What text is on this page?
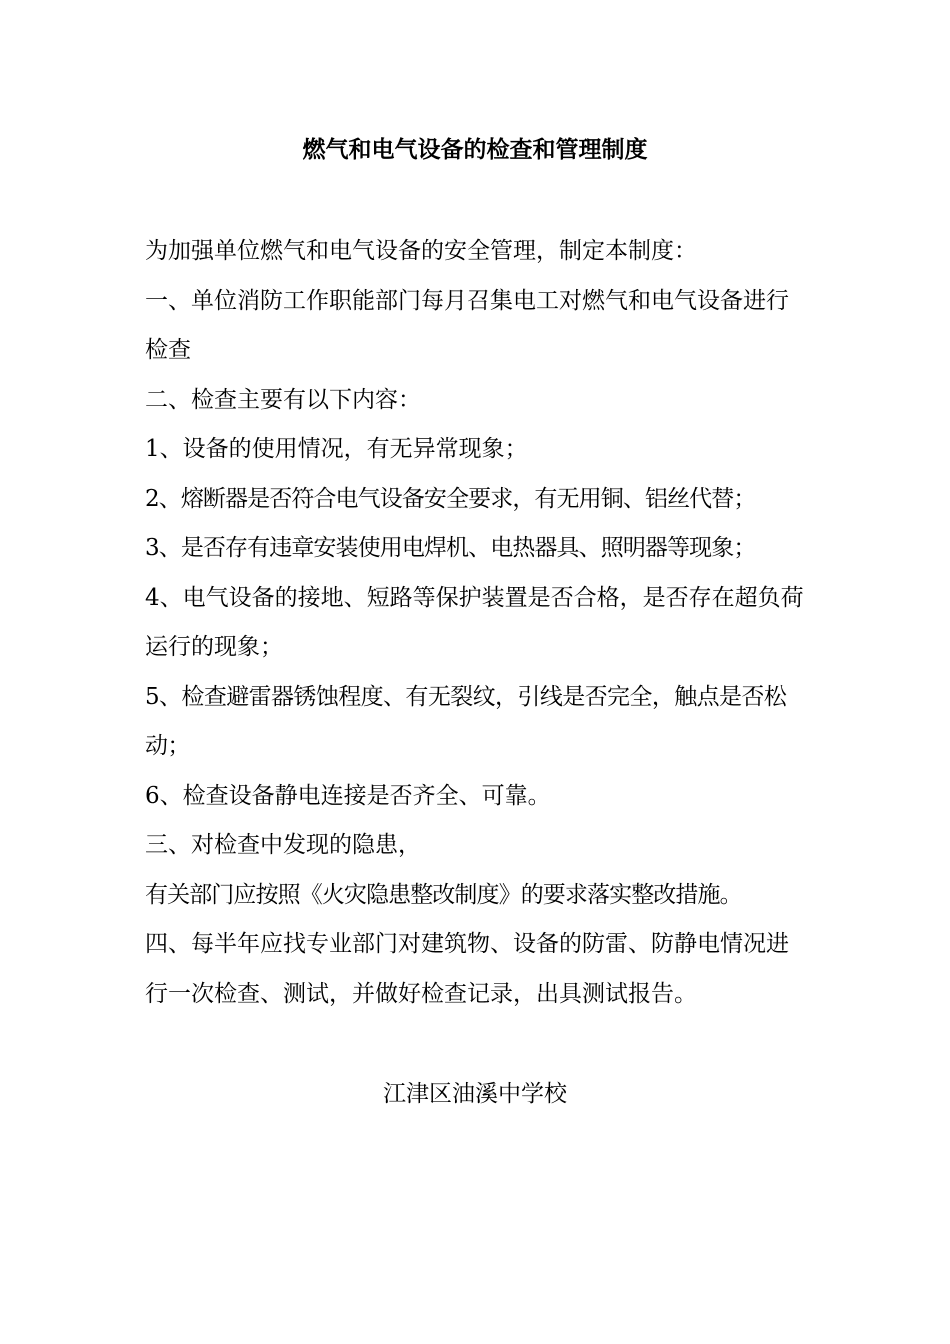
燃气和电气设备的检查和管理制度

为加强单位燃气和电气设备的安全管理，制定本制度：

一、单位消防工作职能部门每月召集电工对燃气和电气设备进行检查

二、检查主要有以下内容：

1、设备的使用情况，有无异常现象；

2、熔断器是否符合电气设备安全要求，有无用铜、铝丝代替；

3、是否存有违章安装使用电焊机、电热器具、照明器等现象；

4、电气设备的接地、短路等保护装置是否合格，是否存在超负荷运行的现象；

5、检查避雷器锈蚀程度、有无裂纹，引线是否完全，触点是否松动；

6、检查设备静电连接是否齐全、可靠。

三、对检查中发现的隐患，

有关部门应按照《火灾隐患整改制度》的要求落实整改措施。

四、每半年应找专业部门对建筑物、设备的防雷、防静电情况进行一次检查、测试，并做好检查记录，出具测试报告。

江津区油溪中学校
